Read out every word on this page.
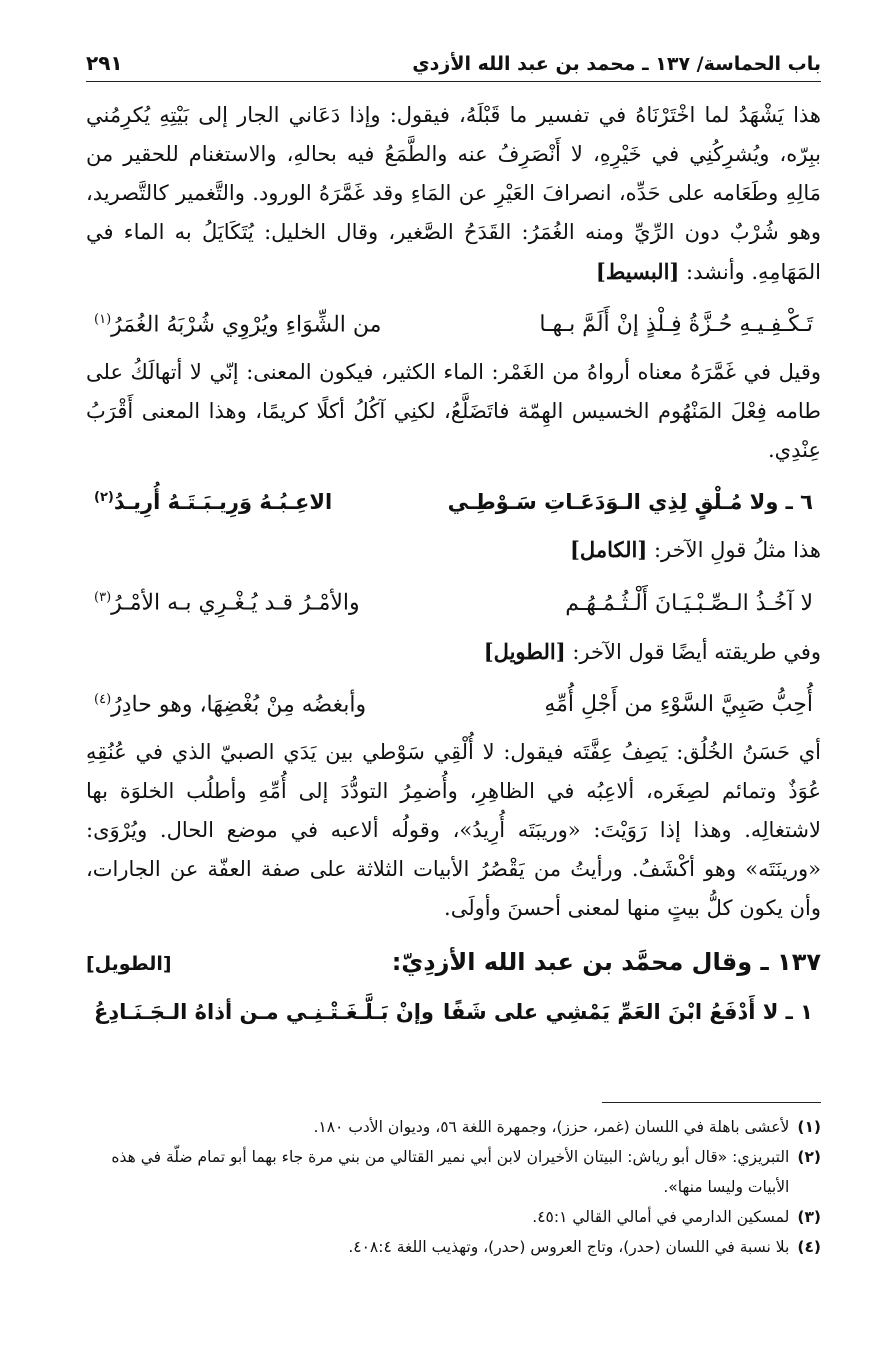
باب الحماسة/ ١٣٧ ـ محمد بن عبد الله الأزدي
٢٩١

هذا يَشْهَدُ لما اخْتَرْنَاهُ في تفسير ما قَبْلَهُ، فيقول: وإذا دَعَاني الجار إلى بَيْتِهِ يُكرِمُني ببِرّه، ويُشرِكُنِي في خَيْرِهِ، لا أَنْصَرِفُ عنه والطَّمَعُ فيه بحالهِ، والاستغنام للحقير من مَالِهِ وطَعَامه على حَدِّه، انصرافَ العَيْرِ عن المَاءِ وقد غَمَّرَهُ الورود. والتَّغمير كالتَّصريد، وهو شُرْبٌ دون الرِّيِّ ومنه الغُمَرُ: القَدَحُ الصَّغير، وقال الخليل: يُتَكَايَلُ به الماء في المَهَامِهِ. وأنشد: [البسيط]

تَـكْـفِـيـهِ حُـزَّةُ فِـلْذٍ إنْ أَلَمَّ بـهـا
من الشِّوَاءِ ويُرْوِي شُرْبَهُ الغُمَرُ$^{(١)}$

وقيل في غَمَّرَهُ معناه أرواهُ من الغَمْر: الماء الكثير، فيكون المعنى: إنّي لا أتهالَكُ على طامه فِعْلَ المَنْهُوم الخسيس الهِمّة فاتَضَلَّعُ، لكنِي آكُلُ أكلًا كريمًا، وهذا المعنى أَقْرَبُ عِنْدِي.

٦ ـ ولا مُـلْقٍ لِذِي الـوَدَعَـاتِ سَـوْطِـي
الاعِـبُـهُ وَرِيـبَـتَـهُ أُرِيـدُ$^{(٢)}$

هذا مثلُ قولِ الآخر: [الكامل]

لا آخُـذُ الـصِّـبْـيَـانَ أَلْـثُـمُـهُـم
والأمْـرُ قـد يُـغْـرِي بـه الأمْـرُ$^{(٣)}$

وفي طريقته أيضًا قول الآخر: [الطويل]

أُحِبُّ صَبِيَّ السَّوْءِ من أَجْلِ أُمِّهِ
وأبغضُه مِنْ بُغْضِهَا، وهو حادِرُ$^{(٤)}$

أي حَسَنُ الخُلُق: يَصِفُ عِفَّتَه فيقول: لا أُلْقِي سَوْطي بين يَدَي الصبيّ الذي في عُنُقِهِ عُوَذٌ وتمائم لصِغَره، ألاعِبُه في الظاهِرِ، وأُضمِرُ التودُّدَ إلى أُمِّهِ وأطلُب الخلوَة بها لاشتغالِه. وهذا إذا رَوَيْتَ: «وريبَتَه أُرِيدُ»، وقولُه ألاعبه في موضع الحال. ويُرْوَى: «ورينَتَه» وهو أكْشَفُ. ورأيتُ من يَقْصُرُ الأبيات الثلاثة على صفة العفّة عن الجارات، وأن يكون كلُّ بيتٍ منها لمعنى أحسنَ وأولَى.

١٣٧ ـ وقال محمَّد بن عبد الله الأزدِيّ:
[الطويل]
١ ـ لا أَدْفَعُ ابْنَ العَمِّ يَمْشِي على شَفًا
وإنْ بَـلَّـغَـتْـنِـي مـن أذاهُ الـجَـنَـادِعُ
(١)
لأعشى باهلة في اللسان (غمر، حزز)، وجمهرة اللغة ٥٦، وديوان الأدب ١٨٠.
(٢)
التبريزي: «قال أبو رياش: البيتان الأخيران لابن أبي نمير القتالي من بني مرة جاء بهما أبو تمام ضلّة في هذه الأبيات وليسا منها».
(٣)
لمسكين الدارمي في أمالي القالي ٤٥:١.
(٤)
بلا نسبة في اللسان (حدر)، وتاج العروس (حدر)، وتهذيب اللغة ٤٠٨:٤.
